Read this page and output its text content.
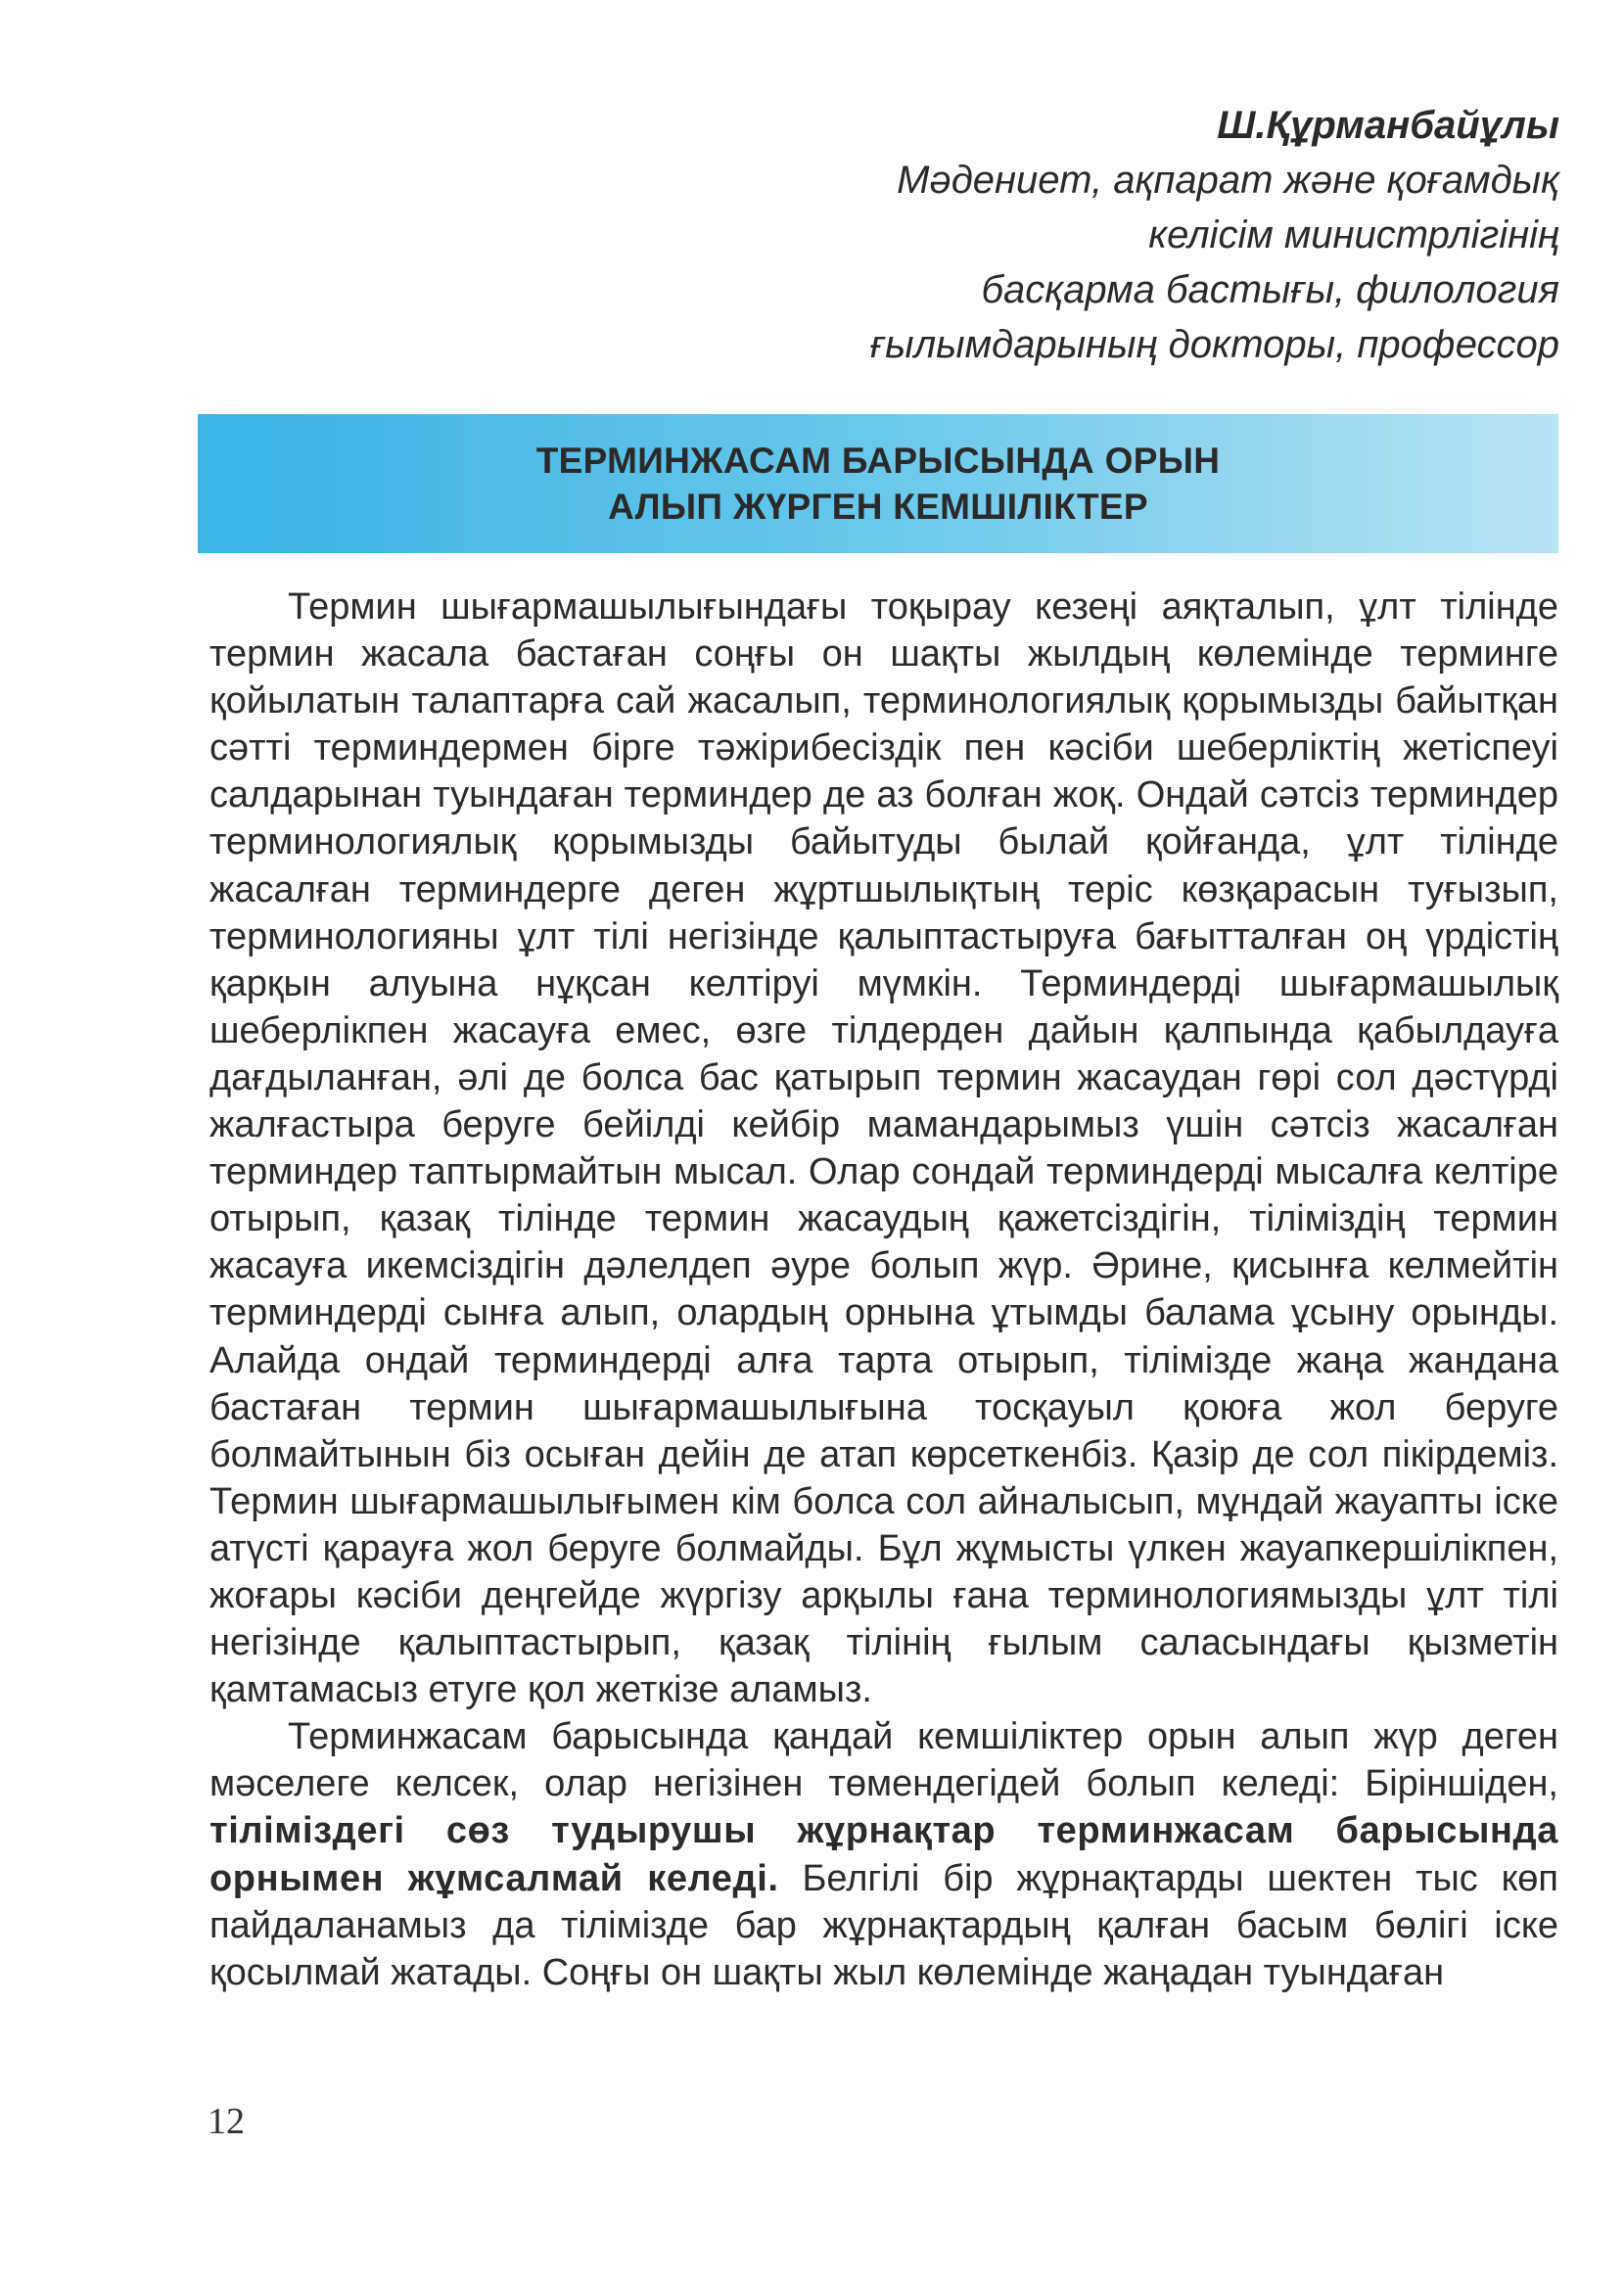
Ш.Құрманбайұлы
Мәдениет, ақпарат және қоғамдық
келісім министрлігінің
басқарма бастығы, филология
ғылымдарының докторы, профессор
ТЕРМИНЖАСАМ БАРЫСЫНДА ОРЫН
АЛЫП ЖҮРГЕН КЕМШІЛІКТЕР

Термин шығармашылығындағы тоқырау кезеңі аяқталып, ұлт тілінде термин жасала бастаған соңғы он шақты жылдың көлемінде терминге қойылатын талаптарға сай жасалып, терминологиялық қорымызды байытқан сәтті терминдермен бірге тәжірибесіздік пен кәсіби шеберліктің жетіспеуі салдарынан туындаған терминдер де аз болған жоқ. Ондай сәтсіз терминдер терминологиялық қорымызды байытуды былай қойғанда, ұлт тілінде жасалған терминдерге деген жұртшылықтың теріс көзқарасын туғызып, терминологияны ұлт тілі негізінде қалыптастыруға бағытталған оң үрдістің қарқын алуына нұқсан келтіруі мүмкін. Терминдерді шығармашылық шеберлікпен жасауға емес, өзге тілдерден дайын қалпында қабылдауға дағдыланған, әлі де болса бас қатырып термин жасаудан гөрі сол дәстүрді жалғастыра беруге бейілді кейбір мамандарымыз үшін сәтсіз жасалған терминдер таптырмайтын мысал. Олар сондай терминдерді мысалға келтіре отырып, қазақ тілінде термин жасаудың қажетсіздігін, тіліміздің термин жасауға икемсіздігін дәлелдеп әуре болып жүр. Әрине, қисынға келмейтін терминдерді сынға алып, олардың орнына ұтымды балама ұсыну орынды. Алайда ондай терминдерді алға тарта отырып, тілімізде жаңа жандана бастаған термин шығармашылығына тосқауыл қоюға жол беруге болмайтынын біз осыған дейін де атап көрсеткенбіз. Қазір де сол пікірдеміз. Термин шығармашылығымен кім болса сол айналысып, мұндай жауапты іске атүсті қарауға жол беруге болмайды. Бұл жұмысты үлкен жауапкершілікпен, жоғары кәсіби деңгейде жүргізу арқылы ғана терминологиямызды ұлт тілі негізінде қалыптастырып, қазақ тілінің ғылым саласындағы қызметін қамтамасыз етуге қол жеткізе аламыз.

Терминжасам барысында қандай кемшіліктер орын алып жүр деген мәселеге келсек, олар негізінен төмендегідей болып келеді: Біріншіден, тіліміздегі сөз тудырушы жұрнақтар терминжасам барысында орнымен жұмсалмай келеді. Белгілі бір жұрнақтарды шектен тыс көп пайдаланамыз да тілімізде бар жұрнақтардың қалған басым бөлігі іске қосылмай жатады. Соңғы он шақты жыл көлемінде жаңадан туындаған

12
